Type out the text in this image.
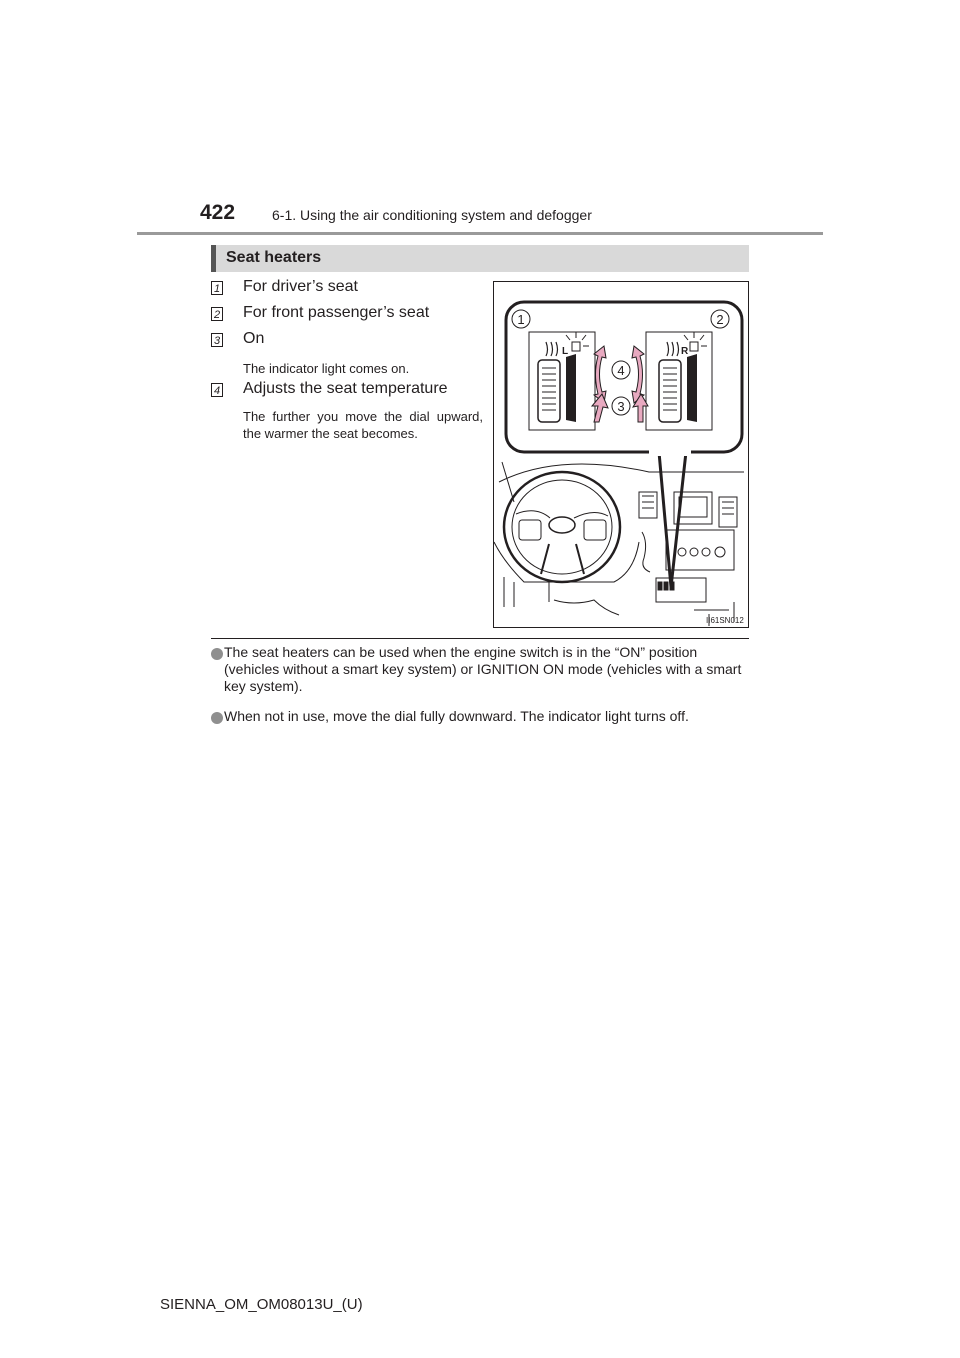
422	6-1. Using the air conditioning system and defogger
Seat heaters
1 For driver’s seat
2 For front passenger’s seat
3 On
The indicator light comes on.
4 Adjusts the seat temperature
The further you move the dial upward, the warmer the seat becomes.
1	2
4
3
L	R
II61SN012
The seat heaters can be used when the engine switch is in the “ON” position (vehicles without a smart key system) or IGNITION ON mode (vehicles with a smart key system).
When not in use, move the dial fully downward. The indicator light turns off.
SIENNA_OM_OM08013U_(U)
